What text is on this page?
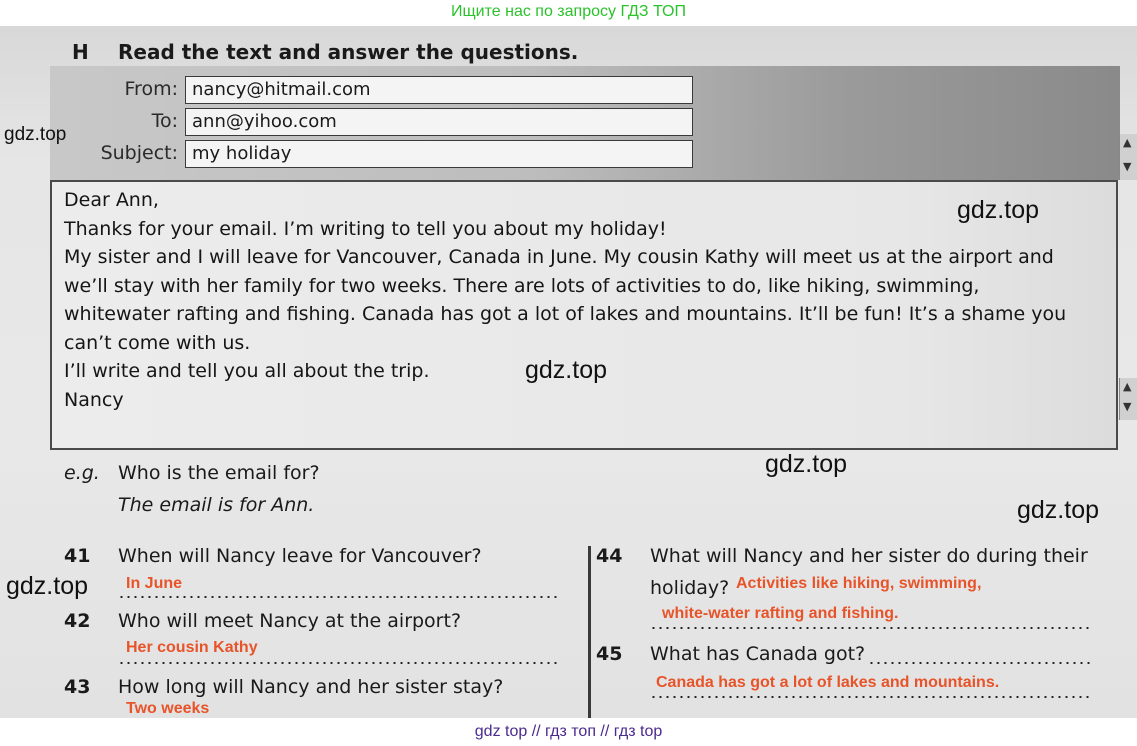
Ищите нас по запросу ГДЗ ТОП
H Read the text and answer the questions.
From: nancy@hitmail.com
To: ann@yihoo.com
Subject: my holiday
▲
▼

Dear Ann,

Thanks for your email. I’m writing to tell you about my holiday!

My sister and I will leave for Vancouver, Canada in June. My cousin Kathy will meet us at the airport and

we’ll stay with her family for two weeks. There are lots of activities to do, like hiking, swimming,

whitewater rafting and fishing. Canada has got a lot of lakes and mountains. It’ll be fun! It’s a shame you

can’t come with us.

I’ll write and tell you all about the trip.

Nancy

▲
▼
e.g. Who is the email for?
The email is for Ann.
41 When will Nancy leave for Vancouver?
In June
42 Who will meet Nancy at the airport?
Her cousin Kathy
43 How long will Nancy and her sister stay?
Two weeks
44 What will Nancy and her sister do during their
holiday? Activities like hiking, swimming,
white-water rafting and fishing.
45 What has Canada got?
Canada has got a lot of lakes and mountains.
gdz.top
gdz.top
gdz.top
gdz.top
gdz.top
gdz.top
gdz top // гдз топ // гдз top
